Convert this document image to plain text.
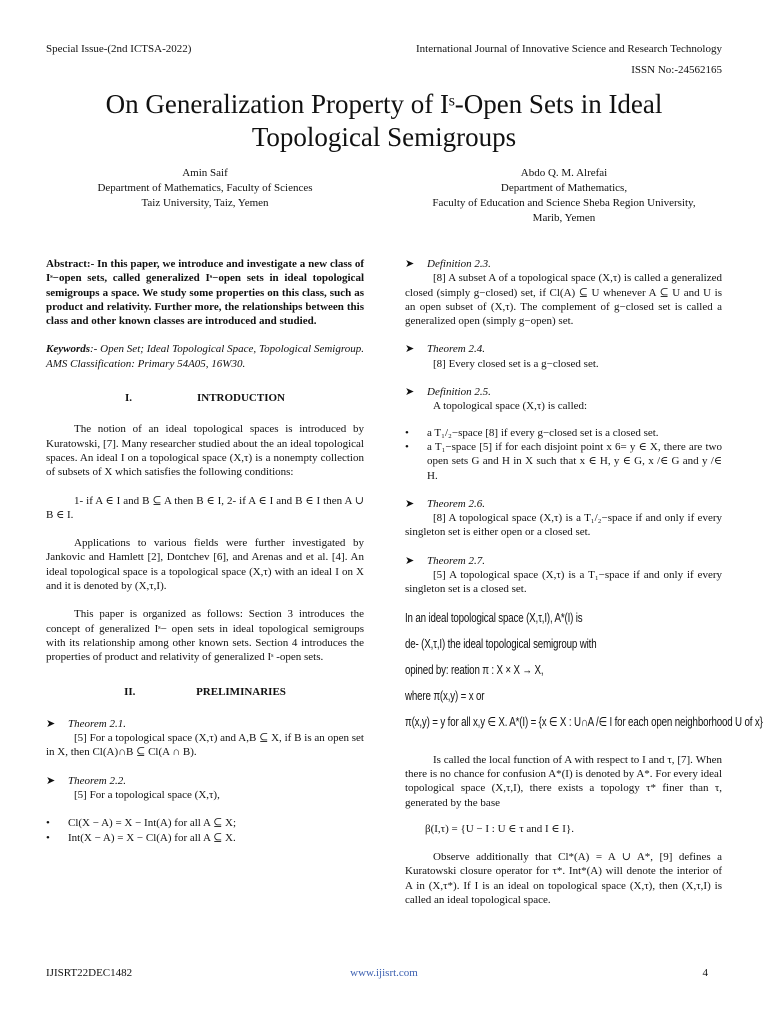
Special Issue-(2nd ICTSA-2022)	International Journal of Innovative Science and Research Technology
ISSN No:-24562165
On Generalization Property of Iˢ-Open Sets in Ideal
Topological Semigroups
Amin Saif
Department of Mathematics, Faculty of Sciences
Taiz University, Taiz, Yemen
Abdo Q. M. Alrefai
Department of Mathematics,
Faculty of Education and Science Sheba Region University,
Marib, Yemen

Abstract:- In this paper, we introduce and investigate a new class of Iˢ−open sets, called generalized Iˢ−open sets in ideal topological semigroups a space. We study some properties on this class, such as product and relativity. Further more, the relationships between this class and other known classes are introduced and studied.

Keywords:- Open Set; Ideal Topological Space, Topological Semigroup. AMS Classification: Primary 54A05, 16W30.

I.	INTRODUCTION

The notion of an ideal topological spaces is introduced by Kuratowski, [7]. Many researcher studied about the an ideal topological spaces. An ideal I on a topological space (X,τ) is a nonempty collection of subsets of X which satisfies the following conditions:

1- if A ∈ I and B ⊆ A then B ∈ I, 2- if A ∈ I and B ∈ I then A ∪ B ∈ I.

Applications to various fields were further investigated by Jankovic and Hamlett [2], Dontchev [6], and Arenas and et al. [4]. An ideal topological space is a topological space (X,τ) with an ideal I on X and it is denoted by (X,τ,I).

This paper is organized as follows: Section 3 introduces the concept of generalized Iˢ− open sets in ideal topological semigroups with its relationship among other known sets. Section 4 introduces the properties of product and relativity of generalized Iˢ -open sets.

II.	PRELIMINARIES

➤ Theorem 2.1.

[5] For a topological space (X,τ) and A,B ⊆ X, if B is an open set in X, then Cl(A)∩B ⊆ Cl(A ∩ B).

➤ Theorem 2.2.

[5] For a topological space (X,τ),

• Cl(X − A) = X − Int(A) for all A ⊆ X;
• Int(X − A) = X − Cl(A) for all A ⊆ X.
➤ Definition 2.3.

[8] A subset A of a topological space (X,τ) is called a generalized closed (simply g−closed) set, if Cl(A) ⊆ U whenever A ⊆ U and U is an open subset of (X,τ). The complement of g−closed set is called a generalized open (simply g−open) set.

➤ Theorem 2.4.

[8] Every closed set is a g−closed set.

➤ Definition 2.5.

A topological space (X,τ) is called:

• a T₁/₂−space [8] if every g−closed set is a closed set.
• a T₁−space [5] if for each disjoint point x 6= y ∈ X, there are two open sets G and H in X such that x ∈ H, y ∈ G, x /∈ G and y /∈ H.
➤ Theorem 2.6.

[8] A topological space (X,τ) is a T₁/₂−space if and only if every singleton set is either open or a closed set.

➤ Theorem 2.7.

[5] A topological space (X,τ) is a T₁−space if and only if every singleton set is a closed set.

In an ideal topological space (X,τ,I), A*(I) is
de- (X,τ,I) the ideal topological semigroup with
opined by: reation π : X × X → X,
where π(x,y) = x or
π(x,y) = y for all x,y ∈ X. A*(I) = {x ∈ X : U∩A /∈ I for each open neighborhood U of x}

Is called the local function of A with respect to I and τ, [7]. When there is no chance for confusion A*(I) is denoted by A*. For every ideal topological space (X,τ,I), there exists a topology τ* finer than τ, generated by the base

β(I,τ) = {U − I : U ∈ τ and I ∈ I}.

Observe additionally that Cl*(A) = A ∪ A*, [9] defines a Kuratowski closure operator for τ*. Int*(A) will denote the interior of A in (X,τ*). If I is an ideal on topological space (X,τ), then (X,τ,I) is called an ideal topological space.

IJISRT22DEC1482	www.ijisrt.com	4
